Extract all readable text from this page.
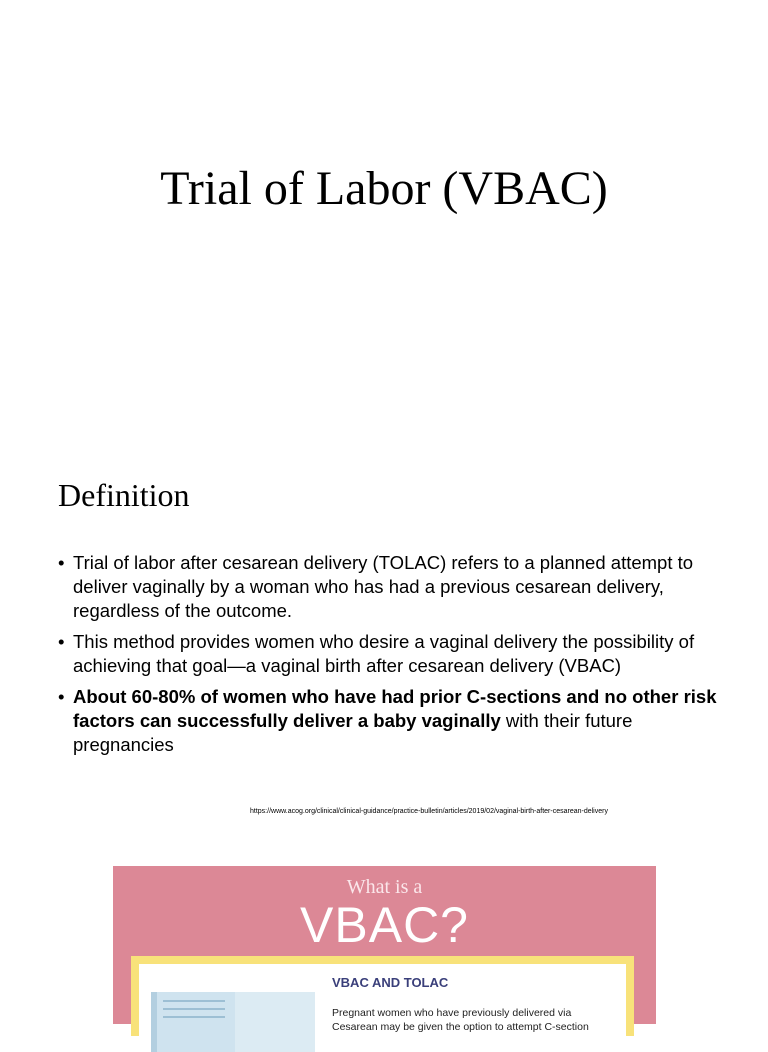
Trial of Labor (VBAC)
Definition
• Trial of labor after cesarean delivery (TOLAC) refers to a planned attempt to deliver vaginally by a woman who has had a previous cesarean delivery, regardless of the outcome.
• This method provides women who desire a vaginal delivery the possibility of achieving that goal—a vaginal birth after cesarean delivery (VBAC)
• About 60-80% of women who have had prior C-sections and no other risk factors can successfully deliver a baby vaginally with their future pregnancies
https://www.acog.org/clinical/clinical-guidance/practice-bulletin/articles/2019/02/vaginal-birth-after-cesarean-delivery
What is a
VBAC?
VBAC AND TOLAC
Pregnant women who have previously delivered via Cesarean may be given the option to attempt C-section
